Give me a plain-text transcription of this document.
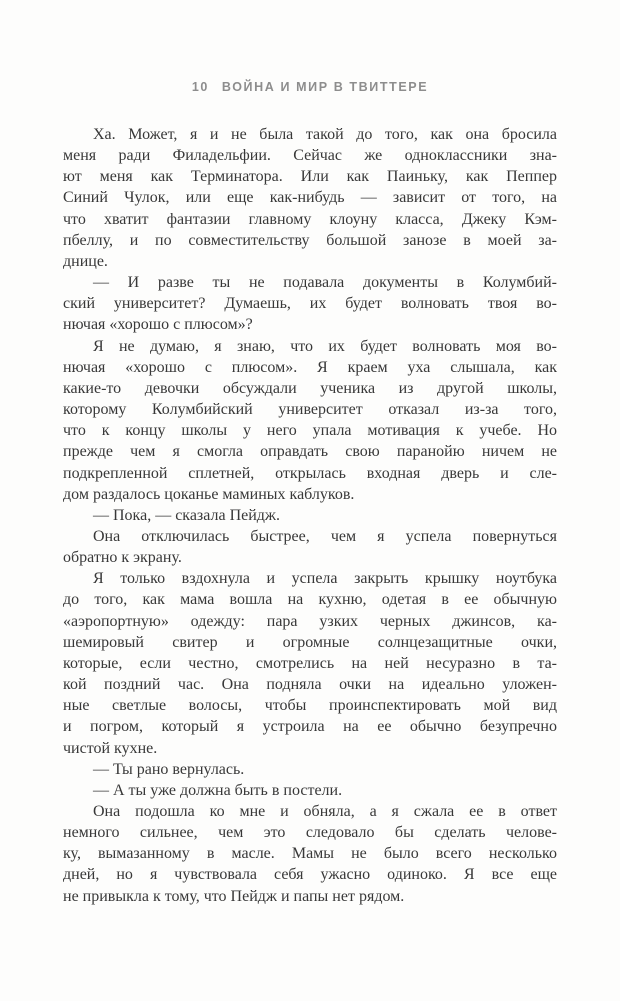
10 ВОЙНА И МИР В ТВИТТЕРЕ
Ха. Может, я и не была такой до того, как она бросила
меня ради Филадельфии. Сейчас же одноклассники зна-
ют меня как Терминатора. Или как Паиньку, как Пеппер
Синий Чулок, или еще как-нибудь — зависит от того, на
что хватит фантазии главному клоуну класса, Джеку Кэм-
пбеллу, и по совместительству большой занозе в моей за-
днице.
— И разве ты не подавала документы в Колумбий-
ский университет? Думаешь, их будет волновать твоя во-
нючая «хорошо с плюсом»?
Я не думаю, я знаю, что их будет волновать моя во-
нючая «хорошо с плюсом». Я краем уха слышала, как
какие-то девочки обсуждали ученика из другой школы,
которому Колумбийский университет отказал из-за того,
что к концу школы у него упала мотивация к учебе. Но
прежде чем я смогла оправдать свою паранойю ничем не
подкрепленной сплетней, открылась входная дверь и сле-
дом раздалось цоканье маминых каблуков.
— Пока, — сказала Пейдж.
Она отключилась быстрее, чем я успела повернуться
обратно к экрану.
Я только вздохнула и успела закрыть крышку ноутбука
до того, как мама вошла на кухню, одетая в ее обычную
«аэропортную» одежду: пара узких черных джинсов, ка-
шемировый свитер и огромные солнцезащитные очки,
которые, если честно, смотрелись на ней несуразно в та-
кой поздний час. Она подняла очки на идеально уложен-
ные светлые волосы, чтобы проинспектировать мой вид
и погром, который я устроила на ее обычно безупречно
чистой кухне.
— Ты рано вернулась.
— А ты уже должна быть в постели.
Она подошла ко мне и обняла, а я сжала ее в ответ
немного сильнее, чем это следовало бы сделать челове-
ку, вымазанному в масле. Мамы не было всего несколько
дней, но я чувствовала себя ужасно одиноко. Я все еще
не привыкла к тому, что Пейдж и папы нет рядом.
